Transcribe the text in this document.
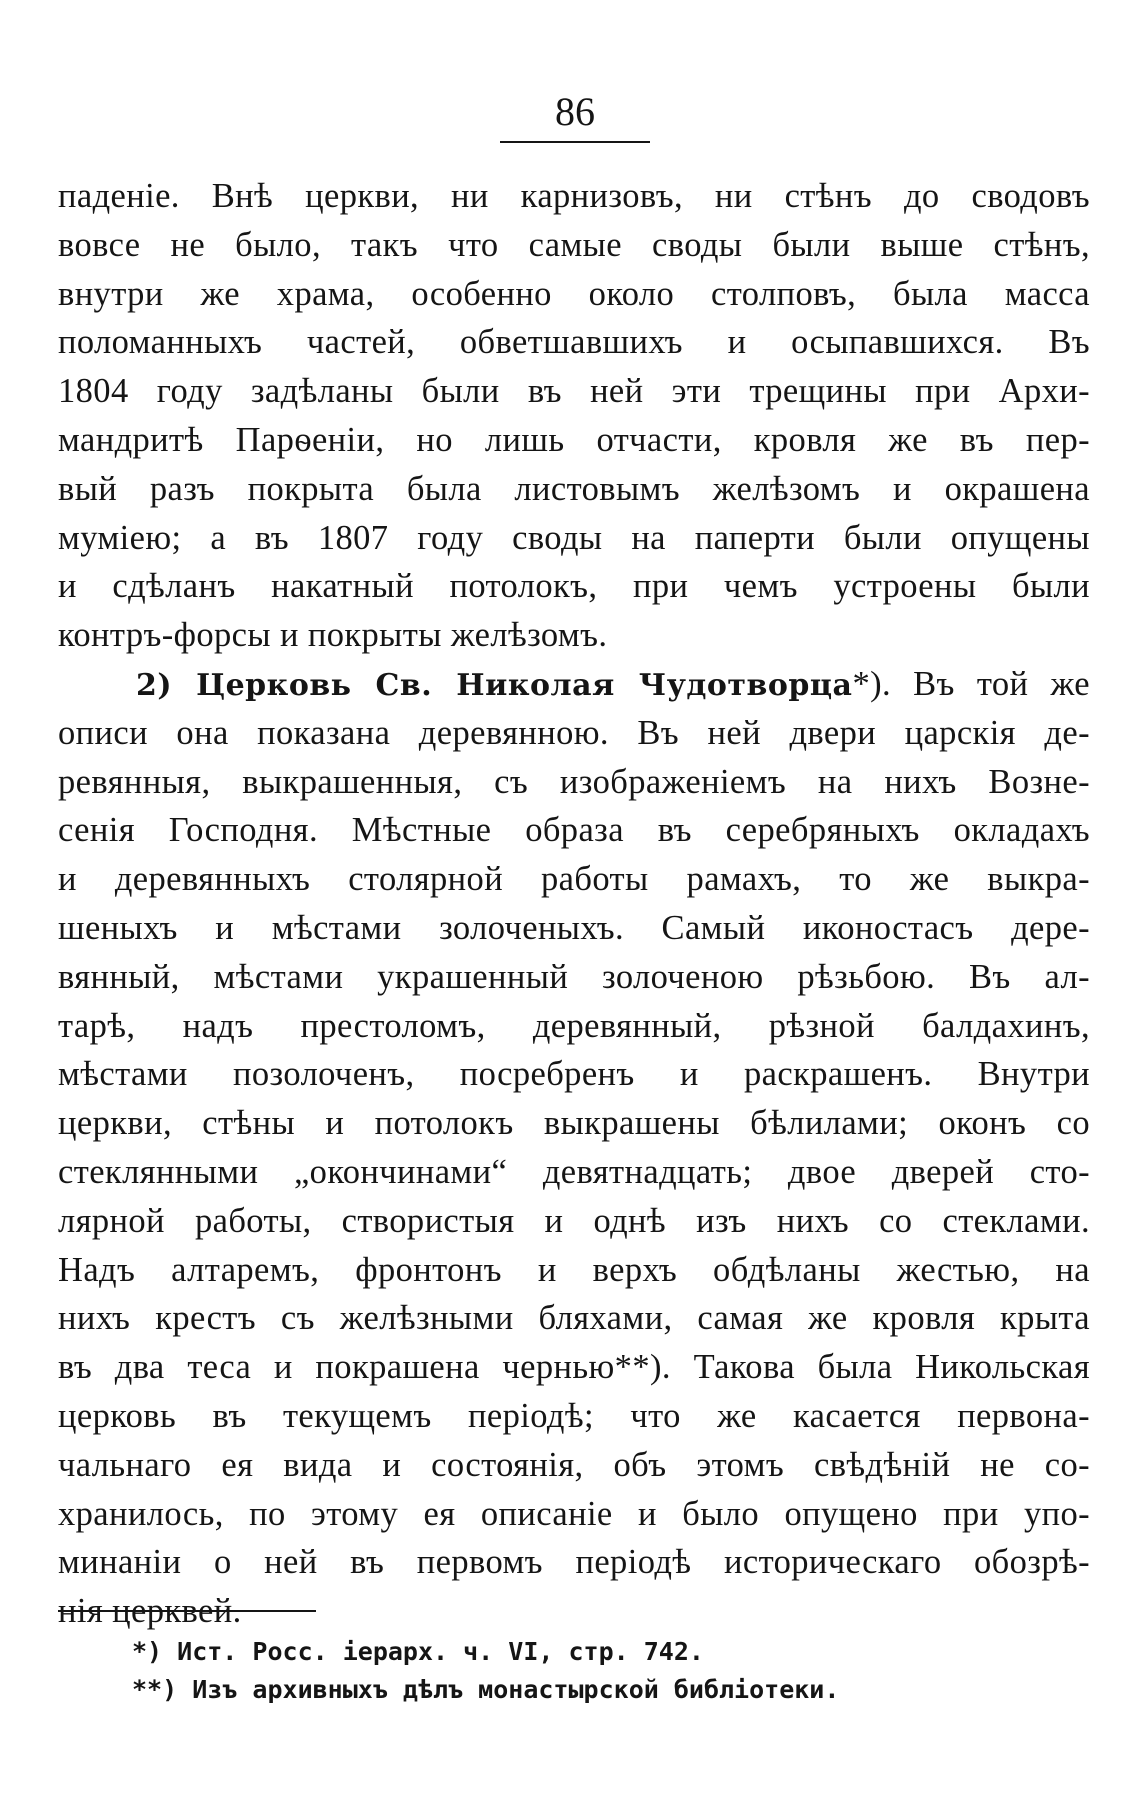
86
паденіе. Внѣ церкви, ни карнизовъ, ни стѣнъ до сводовъ
вовсе не было, такъ что самые своды были выше стѣнъ,
внутри же храма, особенно около столповъ, была масса
поломанныхъ частей, обветшавшихъ и осыпавшихся. Въ
1804 году задѣланы были въ ней эти трещины при Архи-
мандритѣ Парѳеніи, но лишь отчасти, кровля же въ пер-
вый разъ покрыта была листовымъ желѣзомъ и окрашена
муміею; а въ 1807 году своды на паперти были опущены
и сдѣланъ накатный потолокъ, при чемъ устроены были
контръ-форсы и покрыты желѣзомъ.
2) Церковь Св. Николая Чудотворца*). Въ той же
описи она показана деревянною. Въ ней двери царскія де-
ревянныя, выкрашенныя, съ изображеніемъ на нихъ Возне-
сенія Господня. Мѣстные образа въ серебряныхъ окладахъ
и деревянныхъ столярной работы рамахъ, то же выкра-
шеныхъ и мѣстами золоченыхъ. Самый иконостасъ дере-
вянный, мѣстами украшенный золоченою рѣзьбою. Въ ал-
тарѣ, надъ престоломъ, деревянный, рѣзной балдахинъ,
мѣстами позолоченъ, посребренъ и раскрашенъ. Внутри
церкви, стѣны и потолокъ выкрашены бѣлилами; оконъ со
стеклянными „окончинами“ девятнадцать; двое дверей сто-
лярной работы, створистыя и однѣ изъ нихъ со стеклами.
Надъ алтаремъ, фронтонъ и верхъ обдѣланы жестью, на
нихъ крестъ съ желѣзными бляхами, самая же кровля крыта
въ два теса и покрашена чернью**). Такова была Никольская
церковь въ текущемъ періодѣ; что же касается первона-
чальнаго ея вида и состоянія, объ этомъ свѣдѣній не со-
хранилось, по этому ея описаніе и было опущено при упо-
минаніи о ней въ первомъ періодѣ историческаго обозрѣ-
нія церквей.
*) Ист. Росс. іерарх. ч. VI, стр. 742.
**) Изъ архивныхъ дѣлъ монастырской библіотеки.
